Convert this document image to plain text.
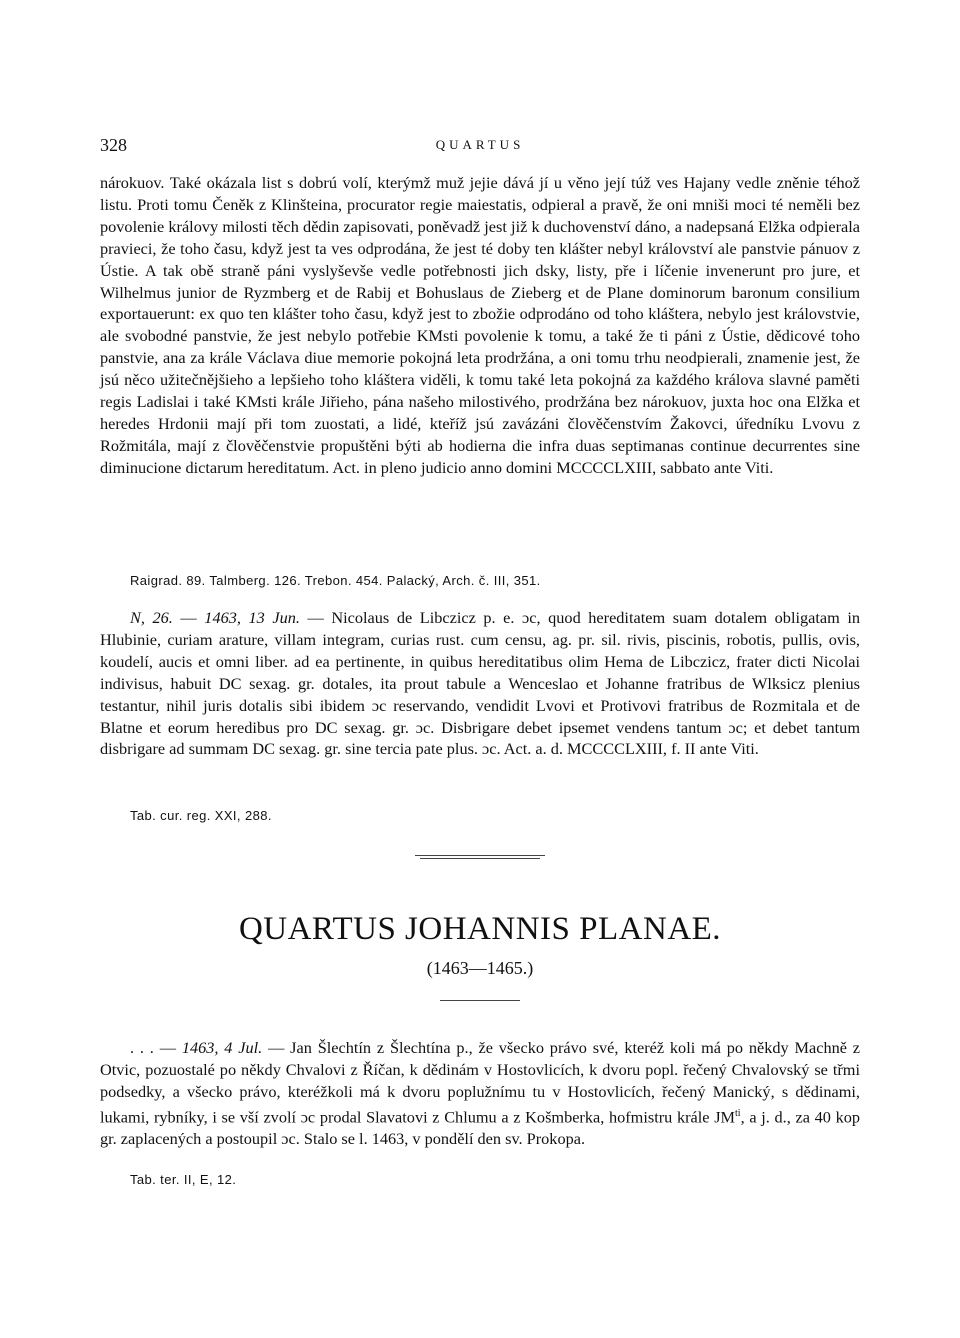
328	QUARTUS

nárokuov. Také okázala list s dobrú volí, kterýmž muž jejie dává jí u věno její túž ves Hajany vedle zněnie téhož listu. Proti tomu Čeněk z Klinšteina, procurator regie maiestatis, odpieral a pravě, že oni mniši moci té neměli bez povolenie královy milosti těch dědin zapisovati, poněvadž jest již k duchovenství dáno, a nadepsaná Elžka odpierala pravieci, že toho času, když jest ta ves odprodána, že jest té doby ten klášter nebyl království ale panstvie pánuov z Ústie. A tak obě straně páni vyslyševše vedle potřebnosti jich dsky, listy, pře i líčenie invenerunt pro jure, et Wilhelmus junior de Ryzmberg et de Rabij et Bohuslaus de Zieberg et de Plane dominorum baronum consilium exportauerunt: ex quo ten klášter toho času, když jest to zbožie odprodáno od toho kláštera, nebylo jest královstvie, ale svobodné panstvie, že jest nebylo potřebie KMsti povolenie k tomu, a také že ti páni z Ústie, dědicové toho panstvie, ana za krále Václava diue memorie pokojná leta prodržána, a oni tomu trhu neodpierali, znamenie jest, že jsú něco užitečnějšieho a lepšieho toho kláštera viděli, k tomu také leta pokojná za každého králova slavné paměti regis Ladislai i také KMsti krále Jiřieho, pána našeho milostivého, prodržána bez nárokuov, juxta hoc ona Elžka et heredes Hrdonii mají při tom zuostati, a lidé, kteříž jsú zavázáni člověčenstvím Žakovci, úředníku Lvovu z Rožmitála, mají z člověčenstvie propuštěni býti ab hodierna die infra duas septimanas continue decurrentes sine diminucione dictarum hereditatum. Act. in pleno judicio anno domini MCCCCLXIII, sabbato ante Viti.

Raigrad. 89. Talmberg. 126. Trebon. 454. Palacký, Arch. č. III, 351.

N, 26. — 1463, 13 Jun. — Nicolaus de Libczicz p. e. ɔc, quod hereditatem suam dotalem obligatam in Hlubinie, curiam arature, villam integram, curias rust. cum censu, ag. pr. sil. rivis, piscinis, robotis, pullis, ovis, koudelí, aucis et omni liber. ad ea pertinente, in quibus hereditatibus olim Hema de Libczicz, frater dicti Nicolai indivisus, habuit DC sexag. gr. dotales, ita prout tabule a Wenceslao et Johanne fratribus de Wlksicz plenius testantur, nihil juris dotalis sibi ibidem ɔc reservando, vendidit Lvovi et Protivovi fratribus de Rozmitala et de Blatne et eorum heredibus pro DC sexag. gr. ɔc. Disbrigare debet ipsemet vendens tantum ɔc; et debet tantum disbrigare ad summam DC sexag. gr. sine tercia pate plus. ɔc. Act. a. d. MCCCCLXIII, f. II ante Viti.

Tab. cur. reg. XXI, 288.
QUARTUS JOHANNIS PLANAE.
(1463—1465.)

. . . — 1463, 4 Jul. — Jan Šlechtín z Šlechtína p., že všecko právo své, kteréž koli má po někdy Machně z Otvic, pozuostalé po někdy Chvalovi z Říčan, k dědinám v Hostovlicích, k dvoru popl. řečený Chvalovský se třmi podsedky, a všecko právo, kteréžkoli má k dvoru poplužnímu tu v Hostovlicích, řečený Manický, s dědinami, lukami, rybníky, i se vší zvolí ɔc prodal Slavatovi z Chlumu a z Košmberka, hofmistru krále $JM^{ti}$, a j. d., za 40 kop gr. zaplacených a postoupil ɔc. Stalo se l. 1463, v pondělí den sv. Prokopa.

Tab. ter. II, E, 12.
